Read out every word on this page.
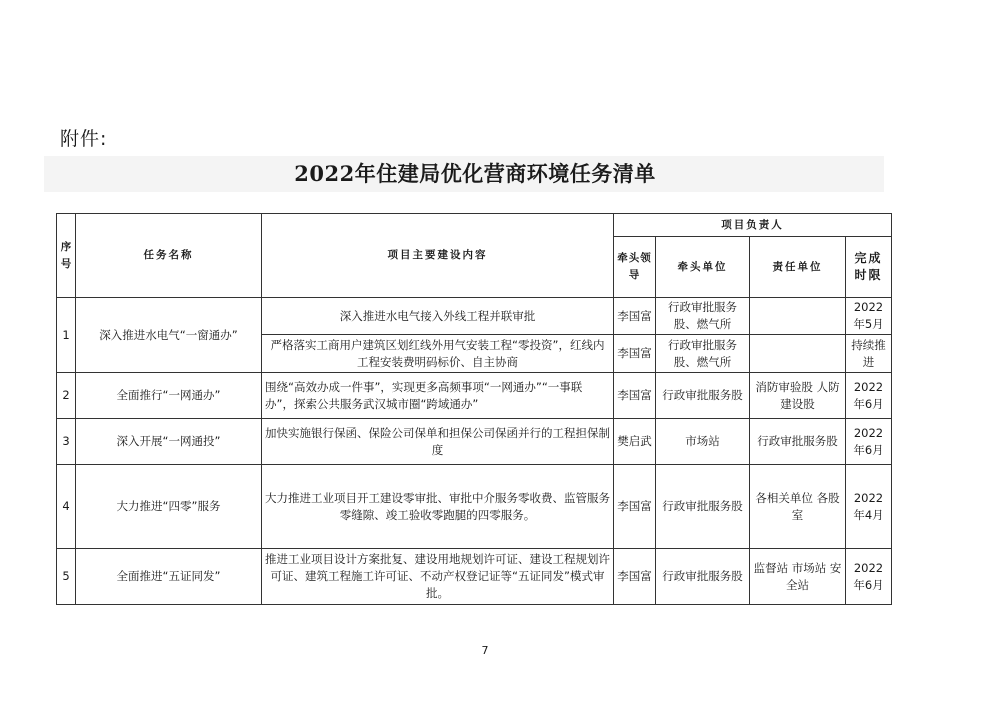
附件:
2022年住建局优化营商环境任务清单
序号	任务名称	项目主要建设内容	项目负责人			
			牵头领导	牵头单位	责任单位	完成时限
1	深入推进水电气“一窗通办”	深入推进水电气接入外线工程并联审批	李国富	行政审批服务股、燃气所		2022年5月
		严格落实工商用户建筑区划红线外用气安装工程“零投资”，红线内工程安装费明码标价、自主协商	李国富	行政审批服务股、燃气所		持续推进
2	全面推行“一网通办”	围绕“高效办成一件事”，实现更多高频事项“一网通办”“一事联办”，探索公共服务武汉城市圈“跨域通办”	李国富	行政审批服务股	消防审验股 人防建设股	2022年6月
3	深入开展“一网通投”	加快实施银行保函、保险公司保单和担保公司保函并行的工程担保制度	樊启武	市场站	行政审批服务股	2022年6月
4	大力推进“四零”服务	大力推进工业项目开工建设零审批、审批中介服务零收费、监管服务零缝隙、竣工验收零跑腿的四零服务。	李国富	行政审批服务股	各相关单位 各股室	2022年4月
5	全面推进“五证同发”	推进工业项目设计方案批复、建设用地规划许可证、建设工程规划许可证、建筑工程施工许可证、不动产权登记证等“五证同发”模式审批。	李国富	行政审批服务股	监督站 市场站 安全站	2022年6月
7
